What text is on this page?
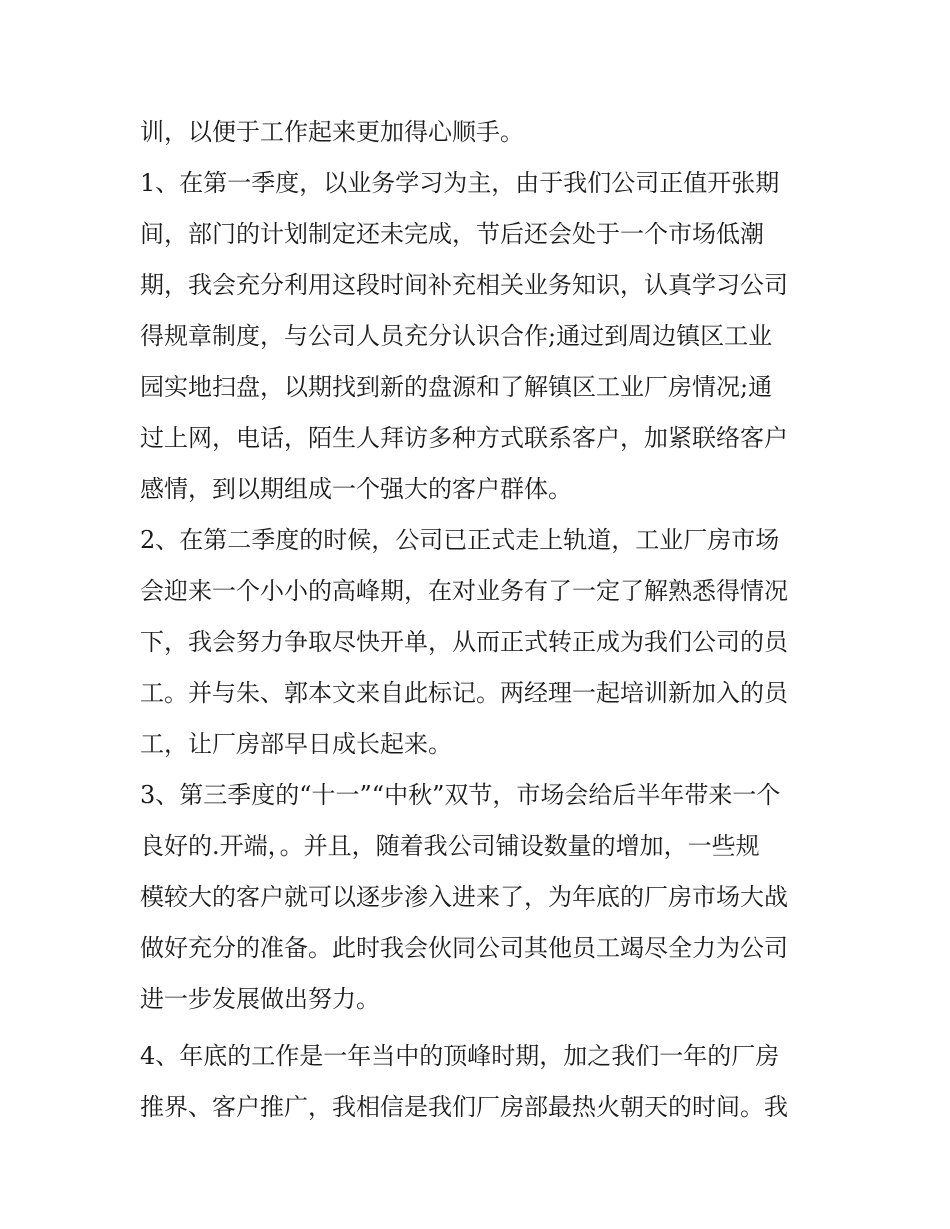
训，以便于工作起来更加得心顺手。

1、在第一季度，以业务学习为主，由于我们公司正值开张期

间，部门的计划制定还未完成，节后还会处于一个市场低潮

期，我会充分利用这段时间补充相关业务知识，认真学习公司

得规章制度，与公司人员充分认识合作;通过到周边镇区工业

园实地扫盘，以期找到新的盘源和了解镇区工业厂房情况;通

过上网，电话，陌生人拜访多种方式联系客户，加紧联络客户

感情，到以期组成一个强大的客户群体。

2、在第二季度的时候，公司已正式走上轨道，工业厂房市场

会迎来一个小小的高峰期，在对业务有了一定了解熟悉得情况

下，我会努力争取尽快开单，从而正式转正成为我们公司的员

工。并与朱、郭本文来自此标记。两经理一起培训新加入的员

工，让厂房部早日成长起来。

3、第三季度的“十一”“中秋”双节，市场会给后半年带来一个

良好的.开端，。并且，随着我公司铺设数量的增加，一些规

模较大的客户就可以逐步渗入进来了，为年底的厂房市场大战

做好充分的准备。此时我会伙同公司其他员工竭尽全力为公司

进一步发展做出努力。

4、年底的工作是一年当中的顶峰时期，加之我们一年的厂房

推界、客户推广，我相信是我们厂房部最热火朝天的时间。我
